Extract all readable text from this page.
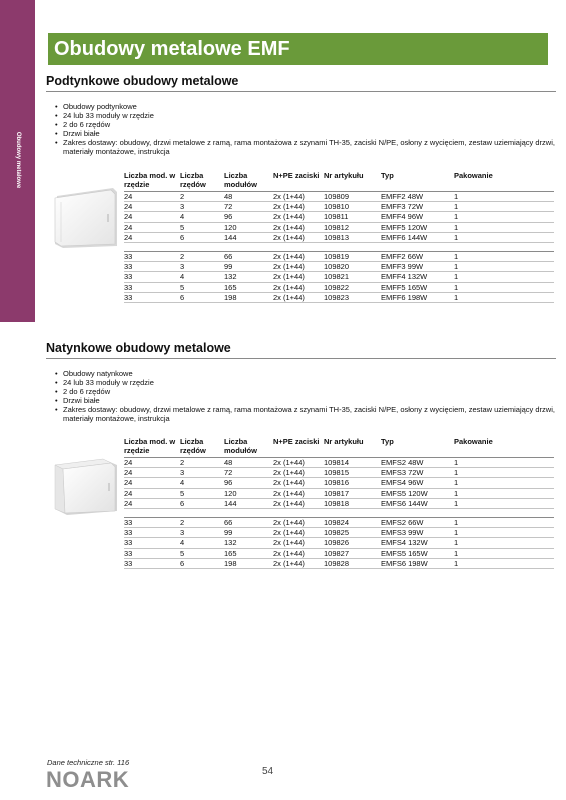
Obudowy metalowe
Obudowy metalowe EMF
Podtynkowe obudowy metalowe
• Obudowy podtynkowe
• 24 lub 33 moduły w rzędzie
• 2 do 6 rzędów
• Drzwi białe
• Zakres dostawy: obudowy, drzwi metalowe z ramą, rama montażowa z szynami TH-35, zaciski N/PE, osłony z wycięciem, zestaw uziemiający drzwi, materiały montażowe, instrukcja
Liczba mod. w rzędzie	Liczba rzędów	Liczba modułów	N+PE zaciski	Nr artykułu	Typ	Pakowanie
24	2	48	2x (1+44)	109809	EMFF2 48W	1
24	3	72	2x (1+44)	109810	EMFF3 72W	1
24	4	96	2x (1+44)	109811	EMFF4 96W	1
24	5	120	2x (1+44)	109812	EMFF5 120W	1
24	6	144	2x (1+44)	109813	EMFF6 144W	1

33	2	66	2x (1+44)	109819	EMFF2 66W	1
33	3	99	2x (1+44)	109820	EMFF3 99W	1
33	4	132	2x (1+44)	109821	EMFF4 132W	1
33	5	165	2x (1+44)	109822	EMFF5 165W	1
33	6	198	2x (1+44)	109823	EMFF6 198W	1
Natynkowe obudowy metalowe
• Obudowy natynkowe
• 24 lub 33 moduły w rzędzie
• 2 do 6 rzędów
• Drzwi białe
• Zakres dostawy: obudowy, drzwi metalowe z ramą, rama montażowa z szynami TH-35, zaciski N/PE, osłony z wycięciem, zestaw uziemiający drzwi, materiały montażowe, instrukcja
Liczba mod. w rzędzie	Liczba rzędów	Liczba modułów	N+PE zaciski	Nr artykułu	Typ	Pakowanie
24	2	48	2x (1+44)	109814	EMFS2 48W	1
24	3	72	2x (1+44)	109815	EMFS3 72W	1
24	4	96	2x (1+44)	109816	EMFS4 96W	1
24	5	120	2x (1+44)	109817	EMFS5 120W	1
24	6	144	2x (1+44)	109818	EMFS6 144W	1

33	2	66	2x (1+44)	109824	EMFS2 66W	1
33	3	99	2x (1+44)	109825	EMFS3 99W	1
33	4	132	2x (1+44)	109826	EMFS4 132W	1
33	5	165	2x (1+44)	109827	EMFS5 165W	1
33	6	198	2x (1+44)	109828	EMFS6 198W	1
Dane techniczne str. 116
NOARK	54
